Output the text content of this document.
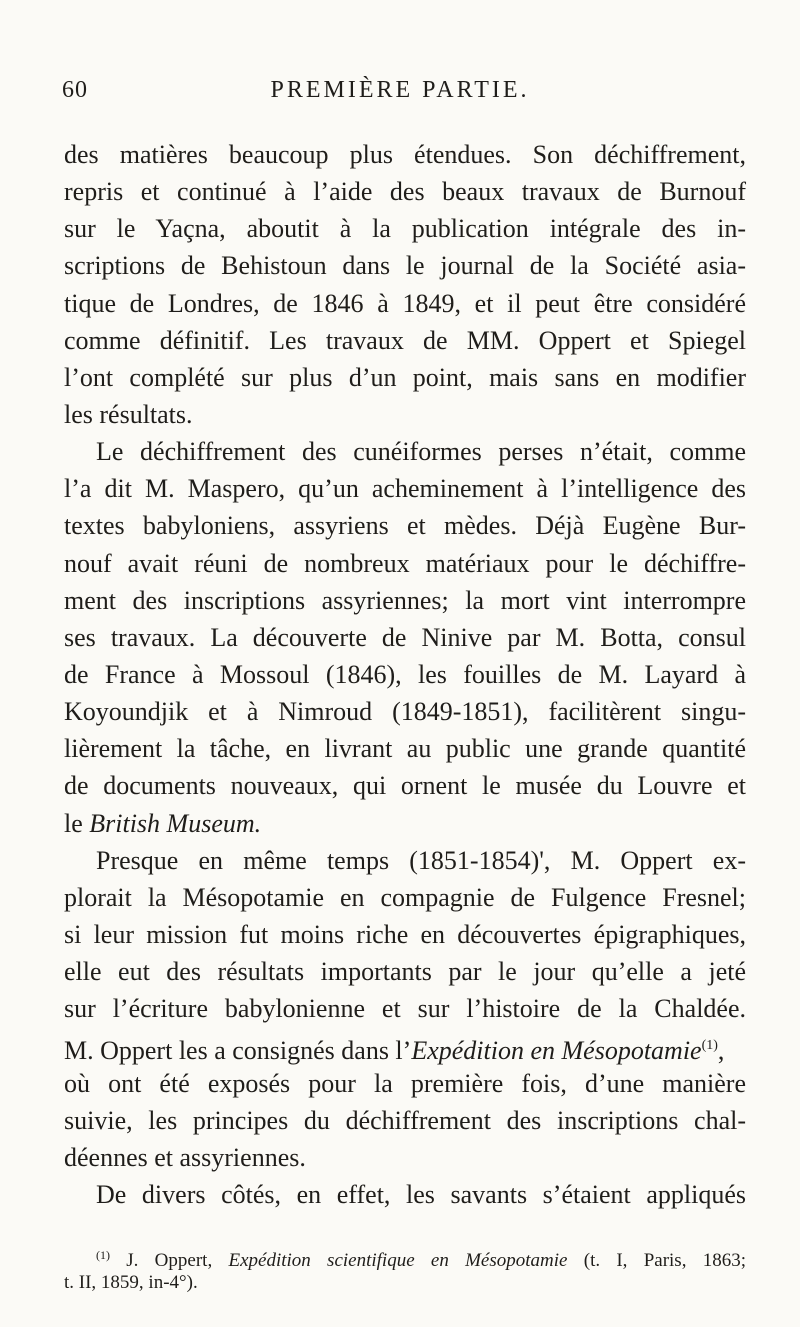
60	PREMIÈRE PARTIE.
des matières beaucoup plus étendues. Son déchiffrement,
repris et continué à l’aide des beaux travaux de Burnouf
sur le Yaçna, aboutit à la publication intégrale des in-
scriptions de Behistoun dans le journal de la Société asia-
tique de Londres, de 1846 à 1849, et il peut être considéré
comme définitif. Les travaux de MM. Oppert et Spiegel
l’ont complété sur plus d’un point, mais sans en modifier
les résultats.
Le déchiffrement des cunéiformes perses n’était, comme
l’a dit M. Maspero, qu’un acheminement à l’intelligence des
textes babyloniens, assyriens et mèdes. Déjà Eugène Bur-
nouf avait réuni de nombreux matériaux pour le déchiffre-
ment des inscriptions assyriennes; la mort vint interrompre
ses travaux. La découverte de Ninive par M. Botta, consul
de France à Mossoul (1846), les fouilles de M. Layard à
Koyoundjik et à Nimroud (1849-1851), facilitèrent singu-
lièrement la tâche, en livrant au public une grande quantité
de documents nouveaux, qui ornent le musée du Louvre et
le British Museum.
Presque en même temps (1851-1854)', M. Oppert ex-
plorait la Mésopotamie en compagnie de Fulgence Fresnel;
si leur mission fut moins riche en découvertes épigraphiques,
elle eut des résultats importants par le jour qu’elle a jeté
sur l’écriture babylonienne et sur l’histoire de la Chaldée.
M. Oppert les a consignés dans l’Expédition en Mésopotamie$^{(1)}$,
où ont été exposés pour la première fois, d’une manière
suivie, les principes du déchiffrement des inscriptions chal-
déennes et assyriennes.
De divers côtés, en effet, les savants s’étaient appliqués
$^{(1)}$ J. Oppert, Expédition scientifique en Mésopotamie (t. I, Paris, 1863;
t. II, 1859, in-4°).
